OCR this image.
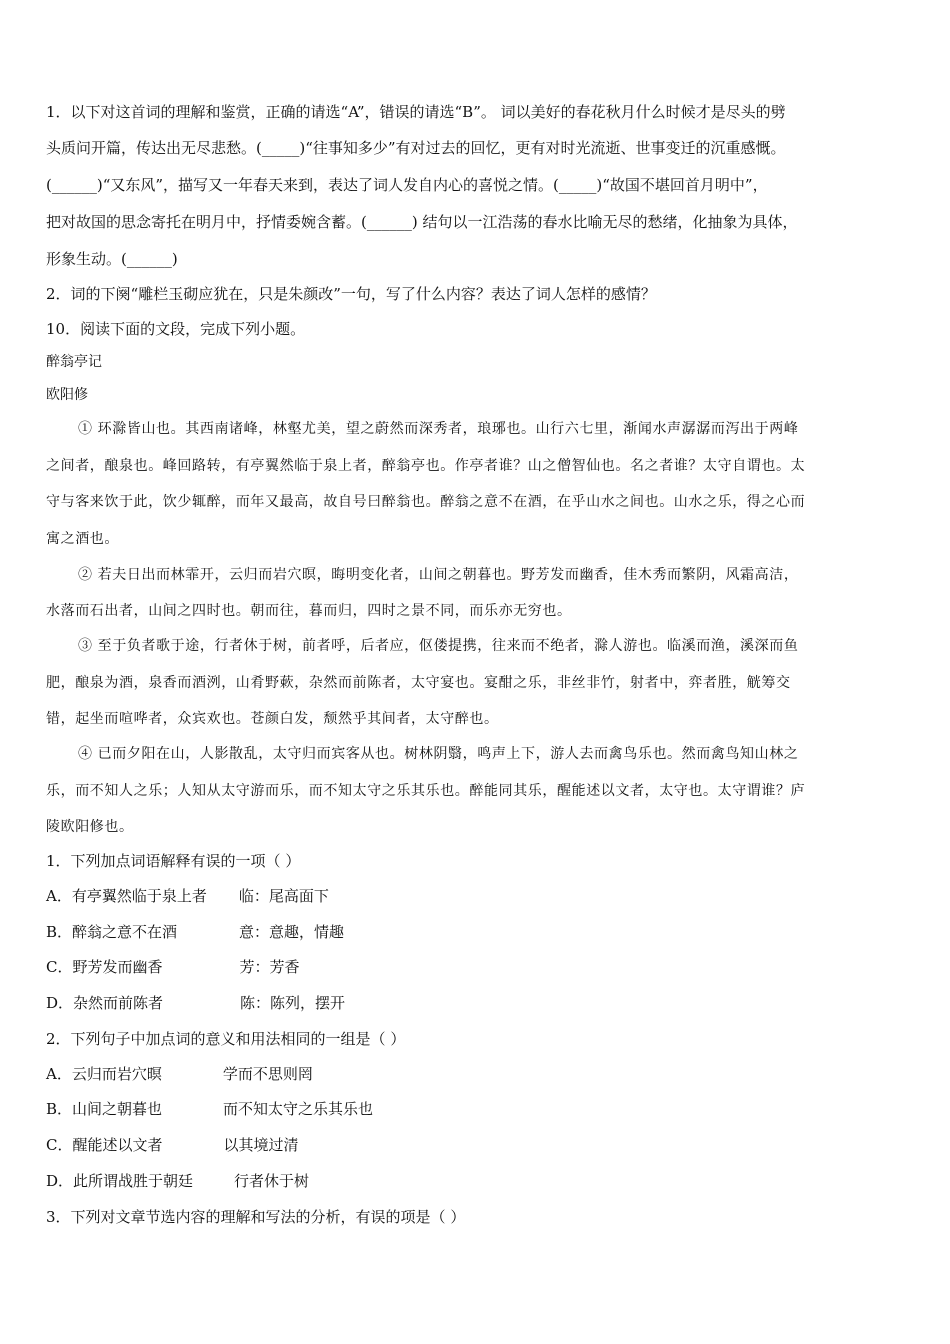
1．以下对这首词的理解和鉴赏，正确的请选“A”，错误的请选“B”。 词以美好的春花秋月什么时候才是尽头的劈
头质问开篇，传达出无尽悲愁。(_____)“往事知多少”有对过去的回忆，更有对时光流逝、世事变迁的沉重感慨。
(______)“又东风”，描写又一年春天来到，表达了词人发自内心的喜悦之情。(_____)“故国不堪回首月明中”，
把对故国的思念寄托在明月中，抒情委婉含蓄。(______) 结句以一江浩荡的春水比喻无尽的愁绪，化抽象为具体，
形象生动。(______)
2．词的下阕“雕栏玉砌应犹在，只是朱颜改”一句，写了什么内容？表达了词人怎样的感情？
10．阅读下面的文段，完成下列小题。
醉翁亭记
欧阳修
① 环滁皆山也。其西南诸峰，林壑尤美，望之蔚然而深秀者，琅琊也。山行六七里，渐闻水声潺潺而泻出于两峰
之间者，酿泉也。峰回路转，有亭翼然临于泉上者，醉翁亭也。作亭者谁？山之僧智仙也。名之者谁？太守自谓也。太
守与客来饮于此，饮少辄醉，而年又最高，故自号曰醉翁也。醉翁之意不在酒，在乎山水之间也。山水之乐，得之心而
寓之酒也。
② 若夫日出而林霏开，云归而岩穴暝，晦明变化者，山间之朝暮也。野芳发而幽香，佳木秀而繁阴，风霜高洁，
水落而石出者，山间之四时也。朝而往，暮而归，四时之景不同，而乐亦无穷也。
③ 至于负者歌于途，行者休于树，前者呼，后者应，伛偻提携，往来而不绝者，滁人游也。临溪而渔，溪深而鱼
肥，酿泉为酒，泉香而酒洌，山肴野蔌，杂然而前陈者，太守宴也。宴酣之乐，非丝非竹，射者中，弈者胜，觥筹交
错，起坐而喧哗者，众宾欢也。苍颜白发，颓然乎其间者，太守醉也。
④ 已而夕阳在山，人影散乱，太守归而宾客从也。树林阴翳，鸣声上下，游人去而禽鸟乐也。然而禽鸟知山林之
乐，而不知人之乐；人知从太守游而乐，而不知太守之乐其乐也。醉能同其乐，醒能述以文者，太守也。太守谓谁？庐
陵欧阳修也。
1．下列加点词语解释有误的一项（ ）
A．有亭翼然临于泉上者 临：尾高面下
B．醉翁之意不在酒	意：意趣，情趣
C．野芳发而幽香	芳：芳香
D．杂然而前陈者	陈：陈列，摆开
2．下列句子中加点词的意义和用法相同的一组是（ ）
A．云归而岩穴暝	学而不思则罔
B．山间之朝暮也	而不知太守之乐其乐也
C．醒能述以文者	以其境过清
D．此所谓战胜于朝廷	行者休于树
3．下列对文章节选内容的理解和写法的分析，有误的项是（ ）
